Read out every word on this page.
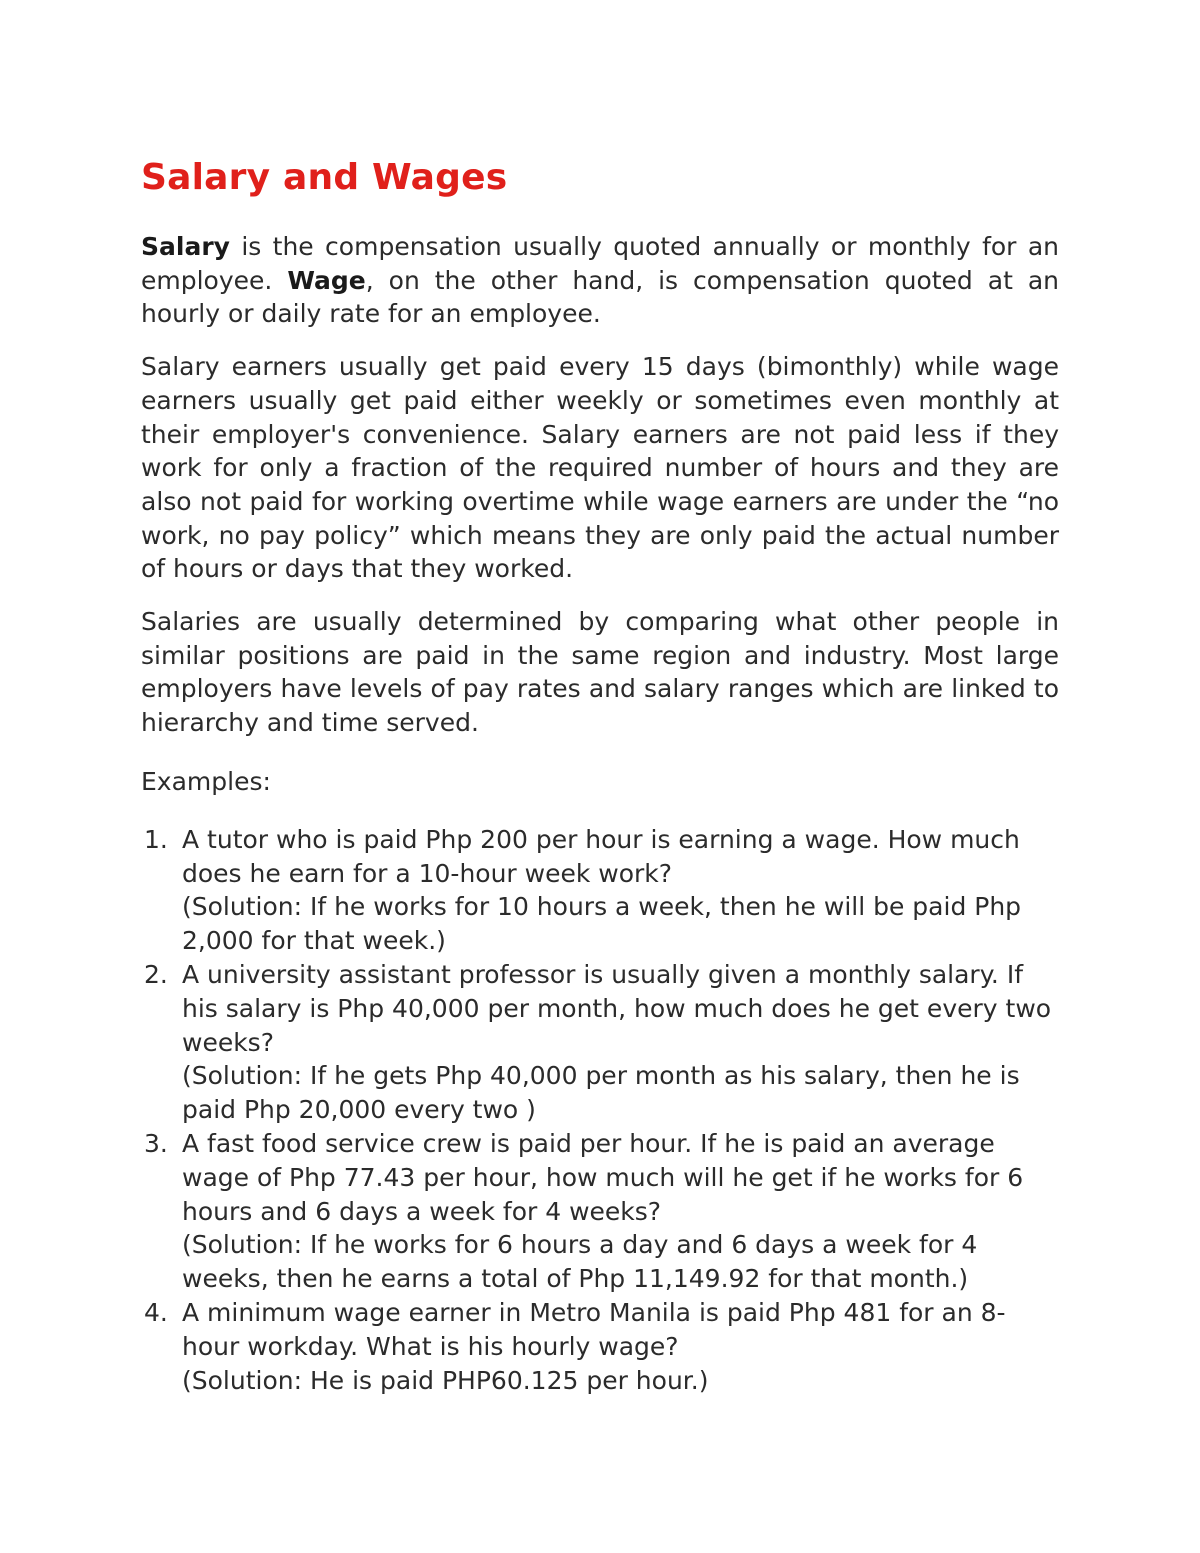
Salary and Wages

Salary is the compensation usually quoted annually or monthly for an employee. Wage, on the other hand, is compensation quoted at an hourly or daily rate for an employee.

Salary earners usually get paid every 15 days (bimonthly) while wage earners usually get paid either weekly or sometimes even monthly at their employer's convenience. Salary earners are not paid less if they work for only a fraction of the required number of hours and they are also not paid for working overtime while wage earners are under the “no work, no pay policy” which means they are only paid the actual number of hours or days that they worked.

Salaries are usually determined by comparing what other people in similar positions are paid in the same region and industry. Most large employers have levels of pay rates and salary ranges which are linked to hierarchy and time served.

Examples:
1. A tutor who is paid Php 200 per hour is earning a wage. How much does he earn for a 10-hour week work?
(Solution: If he works for 10 hours a week, then he will be paid Php 2,000 for that week.)
2. A university assistant professor is usually given a monthly salary. If his salary is Php 40,000 per month, how much does he get every two weeks?
(Solution: If he gets Php 40,000 per month as his salary, then he is paid Php 20,000 every two )
3. A fast food service crew is paid per hour. If he is paid an average wage of Php 77.43 per hour, how much will he get if he works for 6 hours and 6 days a week for 4 weeks?
(Solution: If he works for 6 hours a day and 6 days a week for 4 weeks, then he earns a total of Php 11,149.92 for that month.)
4. A minimum wage earner in Metro Manila is paid Php 481 for an 8-hour workday. What is his hourly wage?
(Solution: He is paid PHP60.125 per hour.)
